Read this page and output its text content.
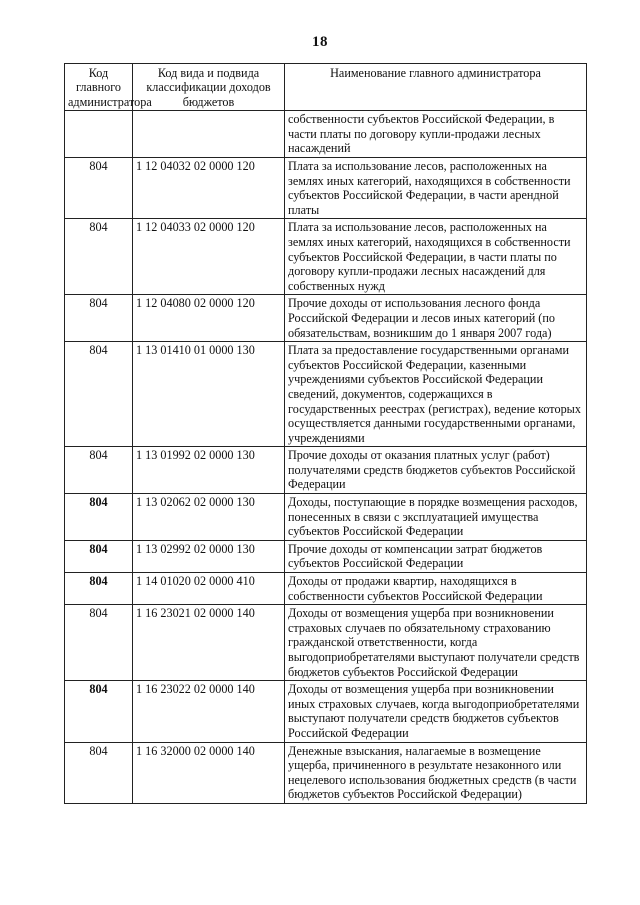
18
Код главного администратора	Код вида и подвида классификации доходов бюджетов	Наименование главного администратора
		собственности субъектов Российской Федерации, в части платы по договору купли-продажи лесных насаждений
804	1 12 04032 02 0000 120	Плата за использование лесов, расположенных на землях иных категорий, находящихся в собственности субъектов Российской Федерации, в части арендной платы
804	1 12 04033 02 0000 120	Плата за использование лесов, расположенных на землях иных категорий, находящихся в собственности субъектов Российской Федерации, в части платы по договору купли-продажи лесных насаждений для собственных нужд
804	1 12 04080 02 0000 120	Прочие доходы от использования лесного фонда Российской Федерации и лесов иных категорий (по обязательствам, возникшим до 1 января 2007 года)
804	1 13 01410 01 0000 130	Плата за предоставление государственными органами субъектов Российской Федерации, казенными учреждениями субъектов Российской Федерации сведений, документов, содержащихся в государственных реестрах (регистрах), ведение которых осуществляется данными государственными органами, учреждениями
804	1 13 01992 02 0000 130	Прочие доходы от оказания платных услуг (работ) получателями средств бюджетов субъектов Российской Федерации
804	1 13 02062 02 0000 130	Доходы, поступающие в порядке возмещения расходов, понесенных в связи с эксплуатацией имущества субъектов Российской Федерации
804	1 13 02992 02 0000 130	Прочие доходы от компенсации затрат бюджетов субъектов Российской Федерации
804	1 14 01020 02 0000 410	Доходы от продажи квартир, находящихся в собственности субъектов Российской Федерации
804	1 16 23021 02 0000 140	Доходы от возмещения ущерба при возникновении страховых случаев по обязательному страхованию гражданской ответственности, когда выгодоприобретателями выступают получатели средств бюджетов субъектов Российской Федерации
804	1 16 23022 02 0000 140	Доходы от возмещения ущерба при возникновении иных страховых случаев, когда выгодоприобретателями выступают получатели средств бюджетов субъектов Российской Федерации
804	1 16 32000 02 0000 140	Денежные взыскания, налагаемые в возмещение ущерба, причиненного в результате незаконного или нецелевого использования бюджетных средств (в части бюджетов субъектов Российской Федерации)
